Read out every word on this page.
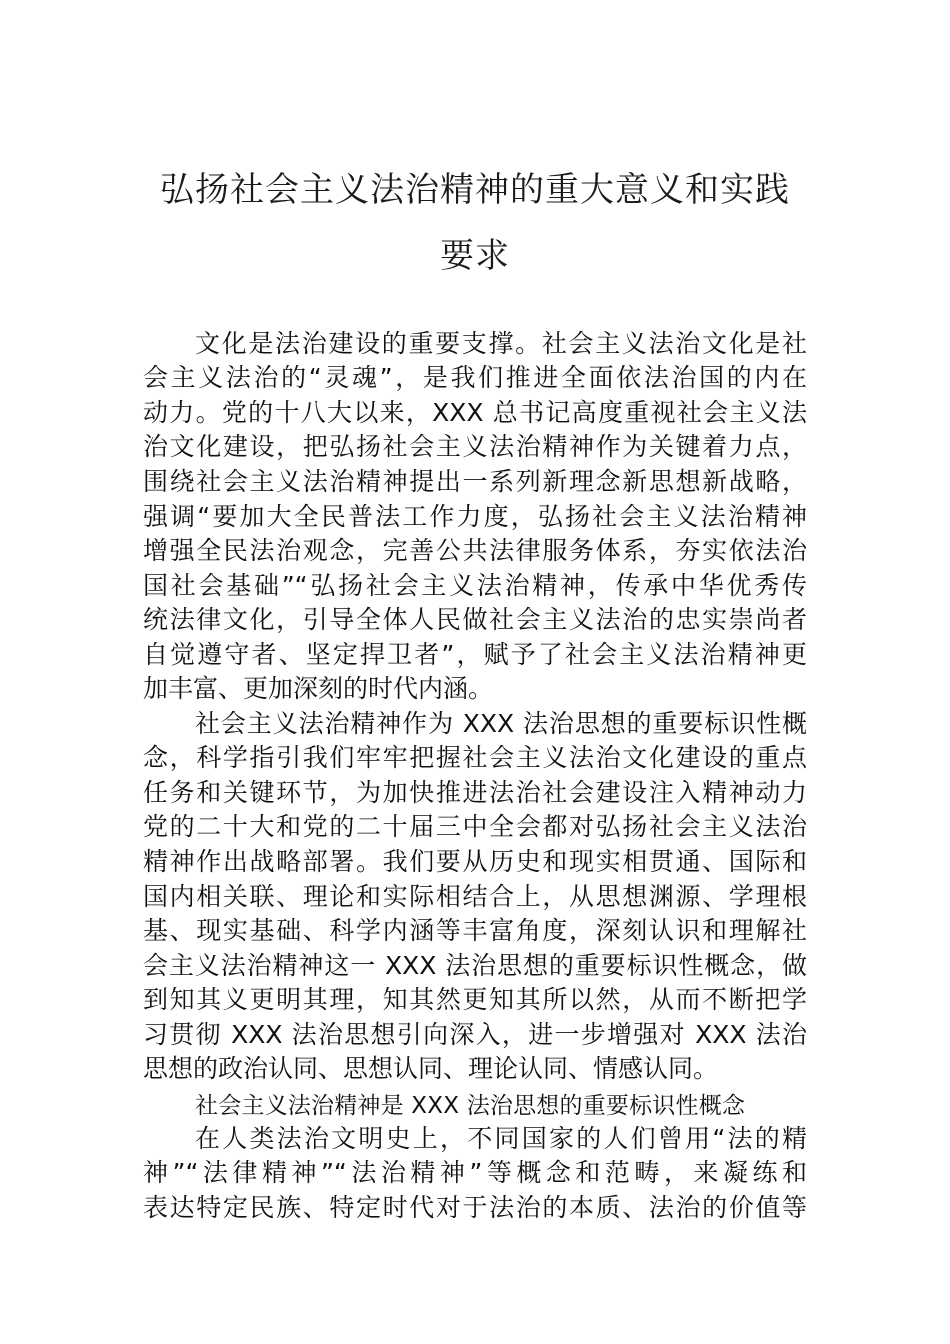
弘扬社会主义法治精神的重大意义和实践
要求
文化是法治建设的重要支撑。社会主义法治文化是社
会主义法治的“灵魂”，是我们推进全面依法治国的内在
动力。党的十八大以来，XXX 总书记高度重视社会主义法
治文化建设，把弘扬社会主义法治精神作为关键着力点，
围绕社会主义法治精神提出一系列新理念新思想新战略，
强调“要加大全民普法工作力度，弘扬社会主义法治精神
增强全民法治观念，完善公共法律服务体系，夯实依法治
国社会基础”“弘扬社会主义法治精神，传承中华优秀传
统法律文化，引导全体人民做社会主义法治的忠实崇尚者
自觉遵守者、坚定捍卫者”，赋予了社会主义法治精神更
加丰富、更加深刻的时代内涵。
社会主义法治精神作为 XXX 法治思想的重要标识性概
念，科学指引我们牢牢把握社会主义法治文化建设的重点
任务和关键环节，为加快推进法治社会建设注入精神动力
党的二十大和党的二十届三中全会都对弘扬社会主义法治
精神作出战略部署。我们要从历史和现实相贯通、国际和
国内相关联、理论和实际相结合上，从思想渊源、学理根
基、现实基础、科学内涵等丰富角度，深刻认识和理解社
会主义法治精神这一 XXX 法治思想的重要标识性概念，做
到知其义更明其理，知其然更知其所以然，从而不断把学
习贯彻 XXX 法治思想引向深入，进一步增强对 XXX 法治
思想的政治认同、思想认同、理论认同、情感认同。
社会主义法治精神是 XXX 法治思想的重要标识性概念
在人类法治文明史上，不同国家的人们曾用“法的精
神”“法律精神”“法治精神”等概念和范畴，来凝练和
表达特定民族、特定时代对于法治的本质、法治的价值等
